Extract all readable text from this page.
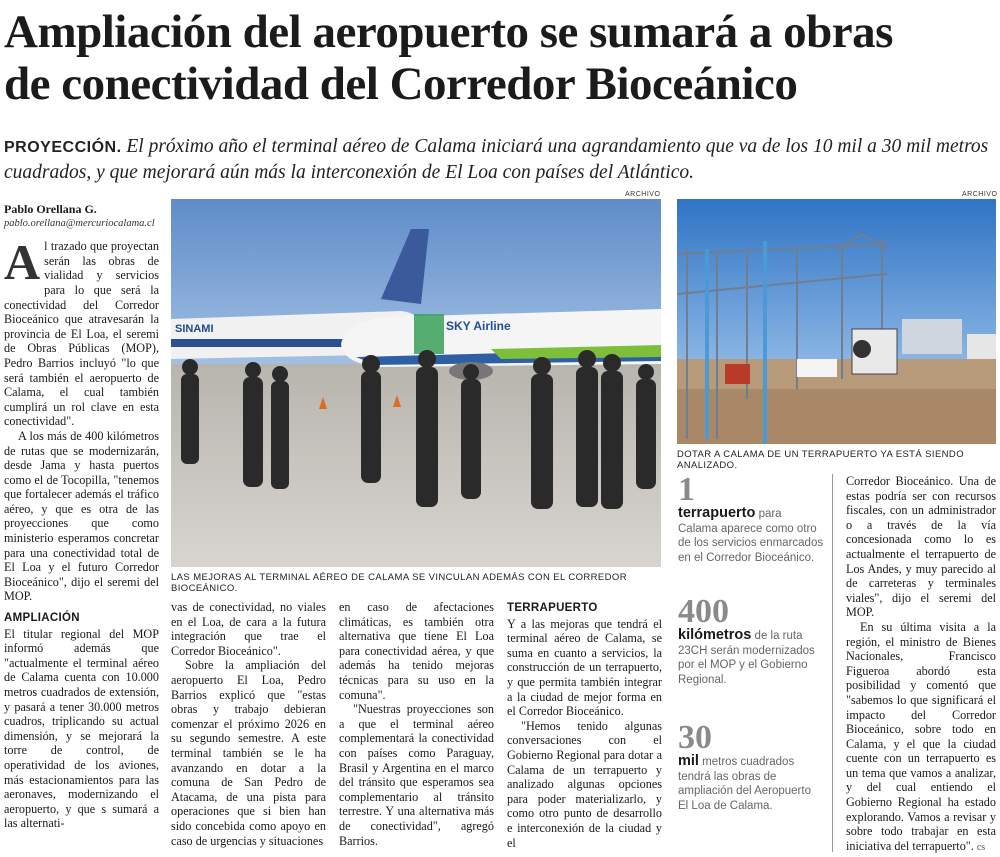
Ampliación del aeropuerto se sumará a obras
de conectividad del Corredor Bioceánico
PROYECCIÓN. El próximo año el terminal aéreo de Calama iniciará una agrandamiento que va de los 10 mil a 30 mil metros cuadrados, y que mejorará aún más la interconexión de El Loa con países del Atlántico.
ARCHIVO
SINAMI	SKY Airline
LAS MEJORAS AL TERMINAL AÉREO DE CALAMA SE VINCULAN ADEMÁS CON EL CORREDOR BIOCEÁNICO.
ARCHIVO
DOTAR A CALAMA DE UN TERRAPUERTO YA ESTÁ SIENDO ANALIZADO.
Pablo Orellana G.
pablo.orellana@mercuriocalama.cl

Al trazado que proyectan serán las obras de vialidad y servicios para lo que será la conectividad del Corredor Bioceánico que atravesarán la provincia de El Loa, el seremi de Obras Públicas (MOP), Pedro Barrios incluyó "lo que será también el aeropuerto de Calama, el cual también cumplirá un rol clave en esta conectividad".

A los más de 400 kilómetros de rutas que se modernizarán, desde Jama y hasta puertos como el de Tocopilla, "tenemos que fortalecer además el tráfico aéreo, y que es otra de las proyecciones que como ministerio esperamos concretar para una conectividad total de El Loa y el futuro Corredor Bioceánico", dijo el seremi del MOP.

AMPLIACIÓN

El titular regional del MOP informó además que "actualmente el terminal aéreo de Calama cuenta con 10.000 metros cuadrados de extensión, y pasará a tener 30.000 metros cuadros, triplicando su actual dimensión, y se mejorará la torre de control, de operatividad de los aviones, más estacionamientos para las aeronaves, modernizando el aeropuerto, y que s sumará a las alternati-

vas de conectividad, no viales en el Loa, de cara a la futura integración que trae el Corredor Bioceánico".

Sobre la ampliación del aeropuerto El Loa, Pedro Barrios explicó que "estas obras y trabajo debieran comenzar el próximo 2026 en su segundo semestre. A este terminal también se le ha avanzando en dotar a la comuna de San Pedro de Atacama, de una pista para operaciones que si bien han sido concebida como apoyo en caso de urgencias y situaciones

en caso de afectaciones climáticas, es también otra alternativa que tiene El Loa para conectividad aérea, y que además ha tenido mejoras técnicas para su uso en la comuna".

"Nuestras proyecciones son a que el terminal aéreo complementará la conectividad con países como Paraguay, Brasil y Argentina en el marco del tránsito que esperamos sea complementario al tránsito terrestre. Y una alternativa más de conectividad", agregó Barrios.

TERRAPUERTO

Y a las mejoras que tendrá el terminal aéreo de Calama, se suma en cuanto a servicios, la construcción de un terrapuerto, y que permita también integrar a la ciudad de mejor forma en el Corredor Bioceánico.

"Hemos tenido algunas conversaciones con el Gobierno Regional para dotar a Calama de un terrapuerto y analizado algunas opciones para poder materializarlo, y como otro punto de desarrollo e interconexión de la ciudad y el

1
terrapuerto para Calama aparece como otro de los servicios enmarcados en el Corredor Bioceánico.
400
kilómetros de la ruta 23CH serán modernizados por el MOP y el Gobierno Regional.
30
mil metros cuadrados tendrá las obras de ampliación del Aeropuerto El Loa de Calama.

Corredor Bioceánico. Una de estas podría ser con recursos fiscales, con un administrador o a través de la vía concesionada como lo es actualmente el terrapuerto de Los Andes, y muy parecido al de carreteras y terminales viales", dijo el seremi del MOP.

En su última visita a la región, el ministro de Bienes Nacionales, Francisco Figueroa abordó esta posibilidad y comentó que "sabemos lo que significará el impacto del Corredor Bioceánico, sobre todo en Calama, y el que la ciudad cuente con un terrapuerto es un tema que vamos a analizar, y del cual entiendo el Gobierno Regional ha estado explorando. Vamos a revisar y sobre todo trabajar en esta iniciativa del terrapuerto". cs
